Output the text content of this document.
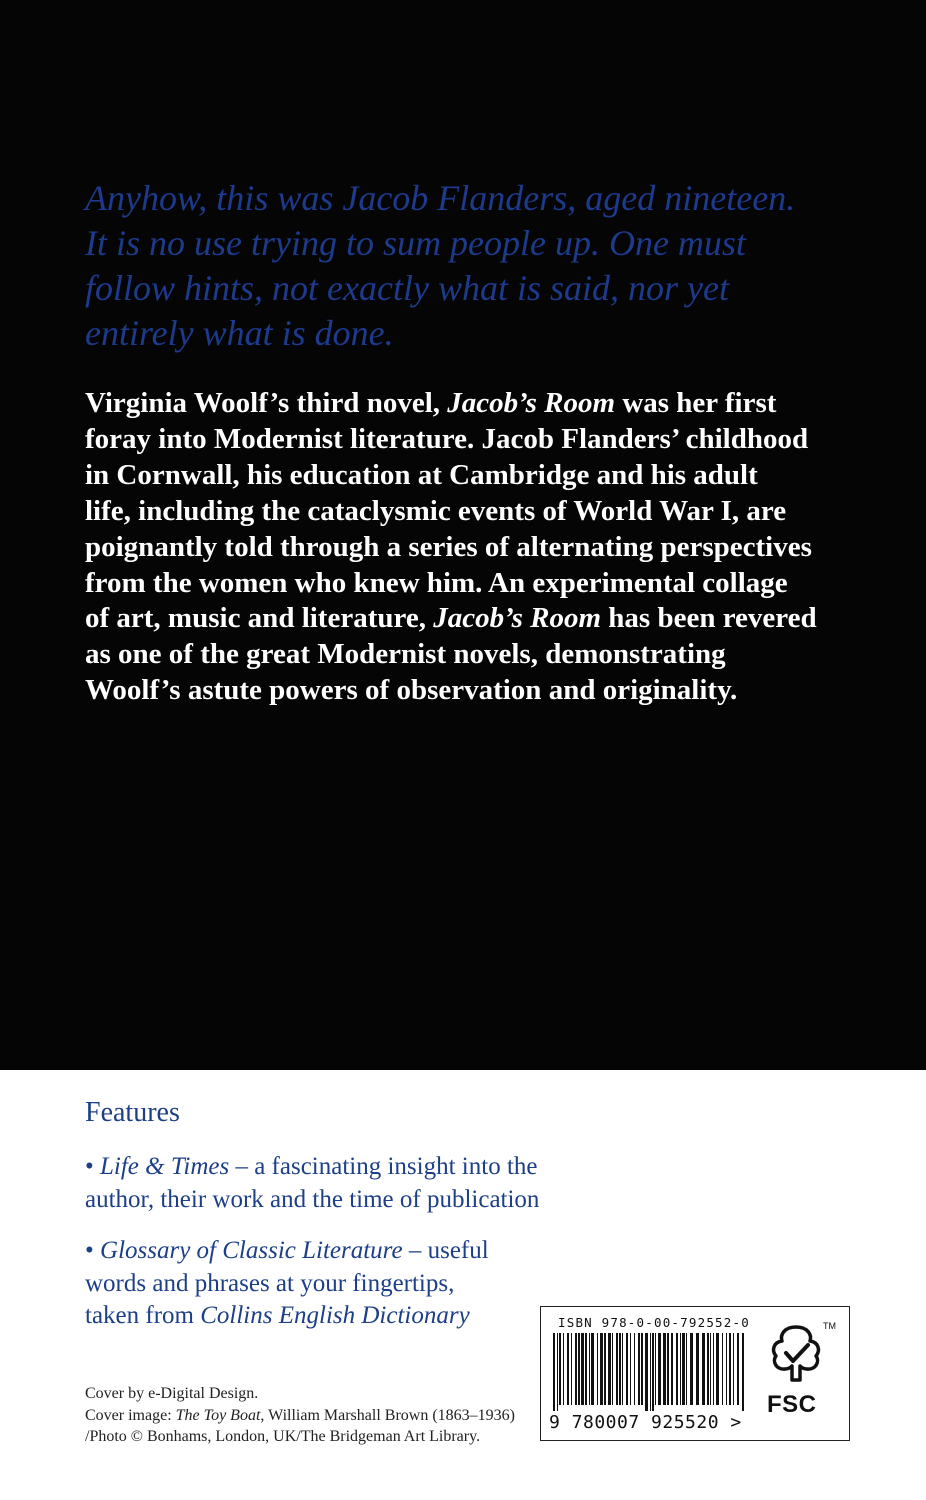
Anyhow, this was Jacob Flanders, aged nineteen.
It is no use trying to sum people up. One must
follow hints, not exactly what is said, nor yet
entirely what is done.

Virginia Woolf’s third novel, Jacob’s Room was her first
foray into Modernist literature. Jacob Flanders’ childhood
in Cornwall, his education at Cambridge and his adult
life, including the cataclysmic events of World War I, are
poignantly told through a series of alternating perspectives
from the women who knew him. An experimental collage
of art, music and literature, Jacob’s Room has been revered
as one of the great Modernist novels, demonstrating
Woolf’s astute powers of observation and originality.

Features
• Life & Times – a fascinating insight into the
author, their work and the time of publication
• Glossary of Classic Literature – useful
words and phrases at your fingertips,
taken from Collins English Dictionary
Cover by e-Digital Design.
Cover image: The Toy Boat, William Marshall Brown (1863–1936)
/Photo © Bonhams, London, UK/The Bridgeman Art Library.
ISBN 978-0-00-792552-0
9 780007 925520 >
TM
FSC
